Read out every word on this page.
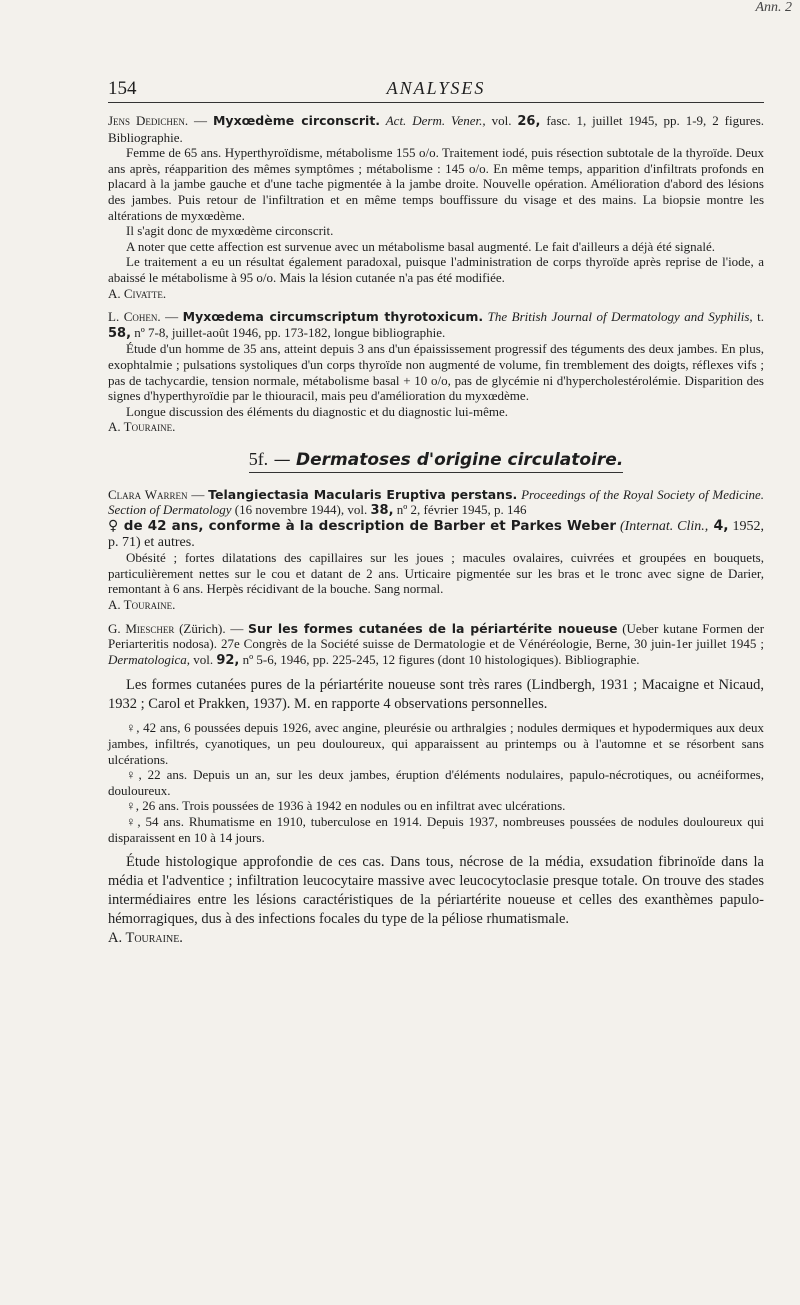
Ann. 2
154	ANALYSES

Jens Dedichen. — Myxœdème circonscrit. Act. Derm. Vener., vol. 26, fasc. 1, juillet 1945, pp. 1-9, 2 figures. Bibliographie.

Femme de 65 ans. Hyperthyroïdisme, métabolisme 155 o/o. Traitement iodé, puis résection subtotale de la thyroïde. Deux ans après, réapparition des mêmes symptômes ; métabolisme : 145 o/o. En même temps, apparition d'infiltrats profonds en placard à la jambe gauche et d'une tache pigmentée à la jambe droite. Nouvelle opération. Amélioration d'abord des lésions des jambes. Puis retour de l'infiltration et en même temps bouffissure du visage et des mains. La biopsie montre les altérations de myxœdème.

Il s'agit donc de myxœdème circonscrit.

A noter que cette affection est survenue avec un métabolisme basal augmenté. Le fait d'ailleurs a déjà été signalé.

Le traitement a eu un résultat également paradoxal, puisque l'administration de corps thyroïde après reprise de l'iode, a abaissé le métabolisme à 95 o/o. Mais la lésion cutanée n'a pas été modifiée.

A. Civatte.

L. Cohen. — Myxœdema circumscriptum thyrotoxicum. The British Journal of Dermatology and Syphilis, t. 58, nº 7-8, juillet-août 1946, pp. 173-182, longue bibliographie.

Étude d'un homme de 35 ans, atteint depuis 3 ans d'un épaississement progressif des téguments des deux jambes. En plus, exophtalmie ; pulsations systoliques d'un corps thyroïde non augmenté de volume, fin tremblement des doigts, réflexes vifs ; pas de tachycardie, tension normale, métabolisme basal + 10 o/o, pas de glycémie ni d'hypercholestérolémie. Disparition des signes d'hyperthyroïdie par le thiouracil, mais peu d'amélioration du myxœdème.

Longue discussion des éléments du diagnostic et du diagnostic lui-même.

A. Touraine.

5f. — Dermatoses d'origine circulatoire.

Clara Warren — Telangiectasia Macularis Eruptiva perstans. Proceedings of the Royal Society of Medicine. Section of Dermatology (16 novembre 1944), vol. 38, nº 2, février 1945, p. 146

♀ de 42 ans, conforme à la description de Barber et Parkes Weber (Internat. Clin., 4, 1952, p. 71) et autres.

Obésité ; fortes dilatations des capillaires sur les joues ; macules ovalaires, cuivrées et groupées en bouquets, particulièrement nettes sur le cou et datant de 2 ans. Urticaire pigmentée sur les bras et le tronc avec signe de Darier, remontant à 6 ans. Herpès récidivant de la bouche. Sang normal.

A. Touraine.

G. Miescher (Zürich). — Sur les formes cutanées de la périartérite noueuse (Ueber kutane Formen der Periarteritis nodosa). 27e Congrès de la Société suisse de Dermatologie et de Vénéréologie, Berne, 30 juin-1er juillet 1945 ; Dermatologica, vol. 92, nº 5-6, 1946, pp. 225-245, 12 figures (dont 10 histologiques). Bibliographie.

Les formes cutanées pures de la périartérite noueuse sont très rares (Lindbergh, 1931 ; Macaigne et Nicaud, 1932 ; Carol et Prakken, 1937). M. en rapporte 4 observations personnelles.

♀, 42 ans, 6 poussées depuis 1926, avec angine, pleurésie ou arthralgies ; nodules dermiques et hypodermiques aux deux jambes, infiltrés, cyanotiques, un peu douloureux, qui apparaissent au printemps ou à l'automne et se résorbent sans ulcérations.

♀, 22 ans. Depuis un an, sur les deux jambes, éruption d'éléments nodulaires, papulo-nécrotiques, ou acnéiformes, douloureux.

♀, 26 ans. Trois poussées de 1936 à 1942 en nodules ou en infiltrat avec ulcérations.

♀, 54 ans. Rhumatisme en 1910, tuberculose en 1914. Depuis 1937, nombreuses poussées de nodules douloureux qui disparaissent en 10 à 14 jours.

Étude histologique approfondie de ces cas. Dans tous, nécrose de la média, exsudation fibrinoïde dans la média et l'adventice ; infiltration leucocytaire massive avec leucocytoclasie presque totale. On trouve des stades intermédiaires entre les lésions caractéristiques de la périartérite noueuse et celles des exanthèmes papulo-hémorragiques, dus à des infections focales du type de la péliose rhumatismale.

A. Touraine.
